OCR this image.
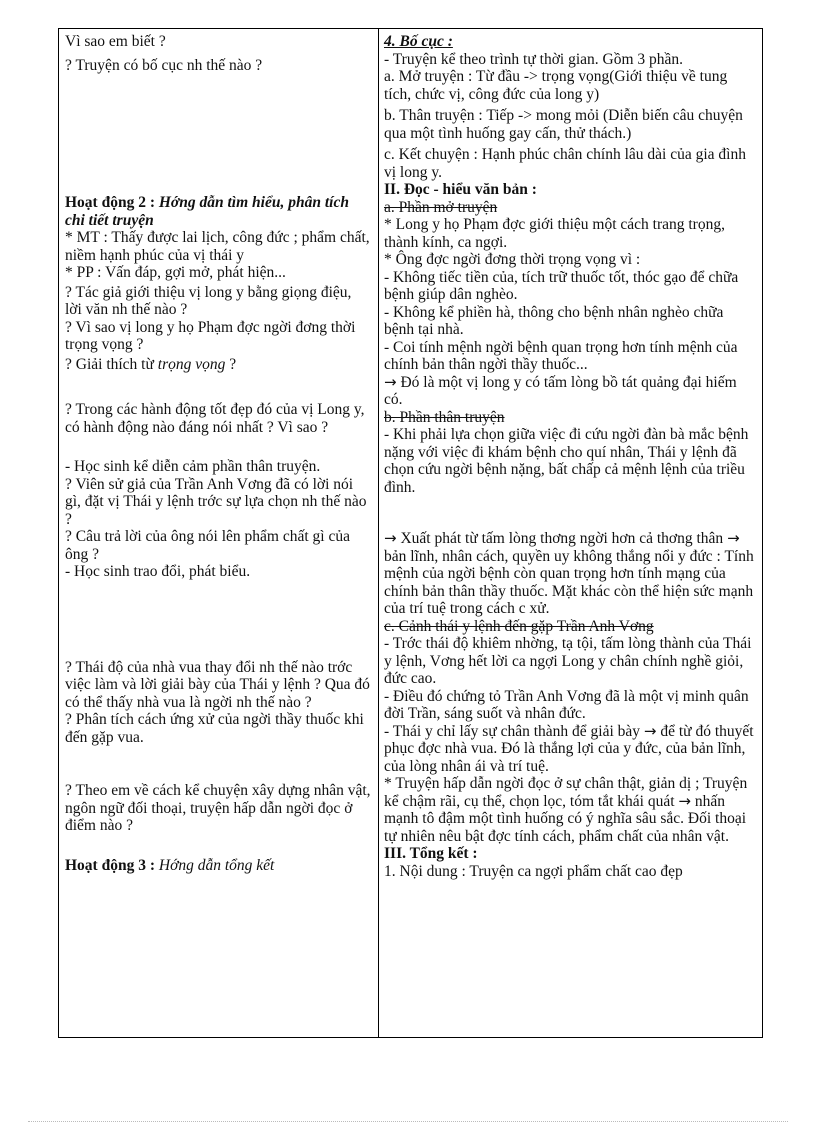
Vì sao em biết ?

? Truyện có bố cục nh thế nào ?

Hoạt động 2 : Hớng dẫn tìm hiểu, phân tích chi tiết truyện

* MT : Thấy được lai lịch, công đức ; phẩm chất, niềm hạnh phúc của vị thái y

* PP : Vấn đáp, gợi mở, phát hiện...

? Tác giả giới thiệu vị long y bằng giọng điệu, lời văn nh thế nào ?

? Vì sao vị long y họ Phạm đợc ngời đơng thời trọng vọng ?

? Giải thích từ trọng vọng ?

? Trong các hành động tốt đẹp đó của vị Long y, có hành động nào đáng nói nhất ? Vì sao ?

- Học sinh kể diễn cảm phần thân truyện.

? Viên sử giả của Trần Anh Vơng đã có lời nói gì, đặt vị Thái y lệnh trớc sự lựa chọn nh thế nào ?

? Câu trả lời của ông nói lên phẩm chất gì của ông ?

- Học sinh trao đổi, phát biểu.

? Thái độ của nhà vua thay đổi nh thế nào trớc việc làm và lời giải bày của Thái y lệnh ? Qua đó có thể thấy nhà vua là ngời nh thế nào ?

? Phân tích cách ứng xử của ngời thầy thuốc khi đến gặp vua.

? Theo em về cách kể chuyện xây dựng nhân vật, ngôn ngữ đối thoại, truyện hấp dẫn ngời đọc ở điểm nào ?

Hoạt động 3 : Hớng dẫn tổng kết

4. Bố cục :

- Truyện kể theo trình tự thời gian. Gồm 3 phần.

a. Mở truyện : Từ đầu -> trọng vọng(Giới thiệu về tung tích, chức vị, công đức của long y)

b. Thân truyện : Tiếp -> mong mỏi (Diễn biến câu chuyện qua một tình huống gay cấn, thử thách.)

c. Kết chuyện : Hạnh phúc chân chính lâu dài của gia đình vị long y.

II. Đọc - hiểu văn bản :

a. Phần mở truyện

* Long y họ Phạm đợc giới thiệu một cách trang trọng, thành kính, ca ngợi.

* Ông đợc ngời đơng thời trọng vọng vì :

- Không tiếc tiền của, tích trữ thuốc tốt, thóc gạo để chữa bệnh giúp dân nghèo.

- Không kể phiền hà, thông cho bệnh nhân nghèo chữa bệnh tại nhà.

- Coi tính mệnh ngời bệnh quan trọng hơn tính mệnh của chính bản thân ngời thầy thuốc...

→ Đó là một vị long y có tấm lòng bồ tát quảng đại hiếm có.

b. Phần thân truyện

- Khi phải lựa chọn giữa việc đi cứu ngời đàn bà mắc bệnh nặng với việc đi khám bệnh cho quí nhân, Thái y lệnh đã chọn cứu ngời bệnh nặng, bất chấp cả mệnh lệnh của triều đình.

→ Xuất phát từ tấm lòng thơng ngời hơn cả thơng thân → bản lĩnh, nhân cách, quyền uy không thắng nổi y đức : Tính mệnh của ngời bệnh còn quan trọng hơn tính mạng của chính bản thân thầy thuốc. Mặt khác còn thể hiện sức mạnh của trí tuệ trong cách c xử.

c. Cảnh thái y lệnh đến gặp Trần Anh Vơng

- Trớc thái độ khiêm nhờng, tạ tội, tấm lòng thành của Thái y lệnh, Vơng hết lời ca ngợi Long y chân chính nghề giỏi, đức cao.

- Điều đó chứng tỏ Trần Anh Vơng đã là một vị minh quân đời Trần, sáng suốt và nhân đức.

- Thái y chỉ lấy sự chân thành để giải bày → để từ đó thuyết phục đợc nhà vua. Đó là thắng lợi của y đức, của bản lĩnh, của lòng nhân ái và trí tuệ.

* Truyện hấp dẫn ngời đọc ở sự chân thật, giản dị ; Truyện kể chậm rãi, cụ thể, chọn lọc, tóm tắt khái quát → nhấn mạnh tô đậm một tình huống có ý nghĩa sâu sắc. Đối thoại tự nhiên nêu bật đợc tính cách, phẩm chất của nhân vật.

III. Tổng kết :

1. Nội dung : Truyện ca ngợi phẩm chất cao đẹp
